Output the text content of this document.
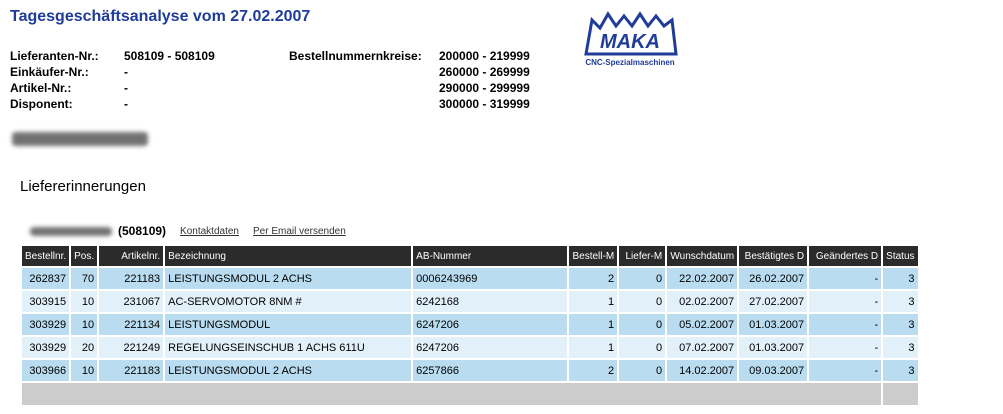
Tagesgeschäftsanalyse vom 27.02.2007
Lieferanten-Nr.:	508109 - 508109
Einkäufer-Nr.:	-
Artikel-Nr.:	-
Disponent:	-
Bestellnummernkreise:	200000 - 219999
260000 - 269999
290000 - 299999
300000 - 319999
MAKA
CNC-Spezialmaschinen
Liefererinnerungen
(508109) Kontaktdaten Per Email versenden
Bestellnr.	Pos.	Artikelnr.	Bezeichnung	AB-Nummer	Bestell-M	Liefer-M	Wunschdatum	Bestätigtes D	Geändertes D	Status
262837	70	221183	LEISTUNGSMODUL 2 ACHS	0006243969	2	0	22.02.2007	26.02.2007	-	3
303915	10	231067	AC-SERVOMOTOR 8NM #	6242168	1	0	02.02.2007	27.02.2007	-	3
303929	10	221134	LEISTUNGSMODUL	6247206	1	0	05.02.2007	01.03.2007	-	3
303929	20	221249	REGELUNGSEINSCHUB 1 ACHS 611U	6247206	1	0	07.02.2007	01.03.2007	-	3
303966	10	221183	LEISTUNGSMODUL 2 ACHS	6257866	2	0	14.02.2007	09.03.2007	-	3
